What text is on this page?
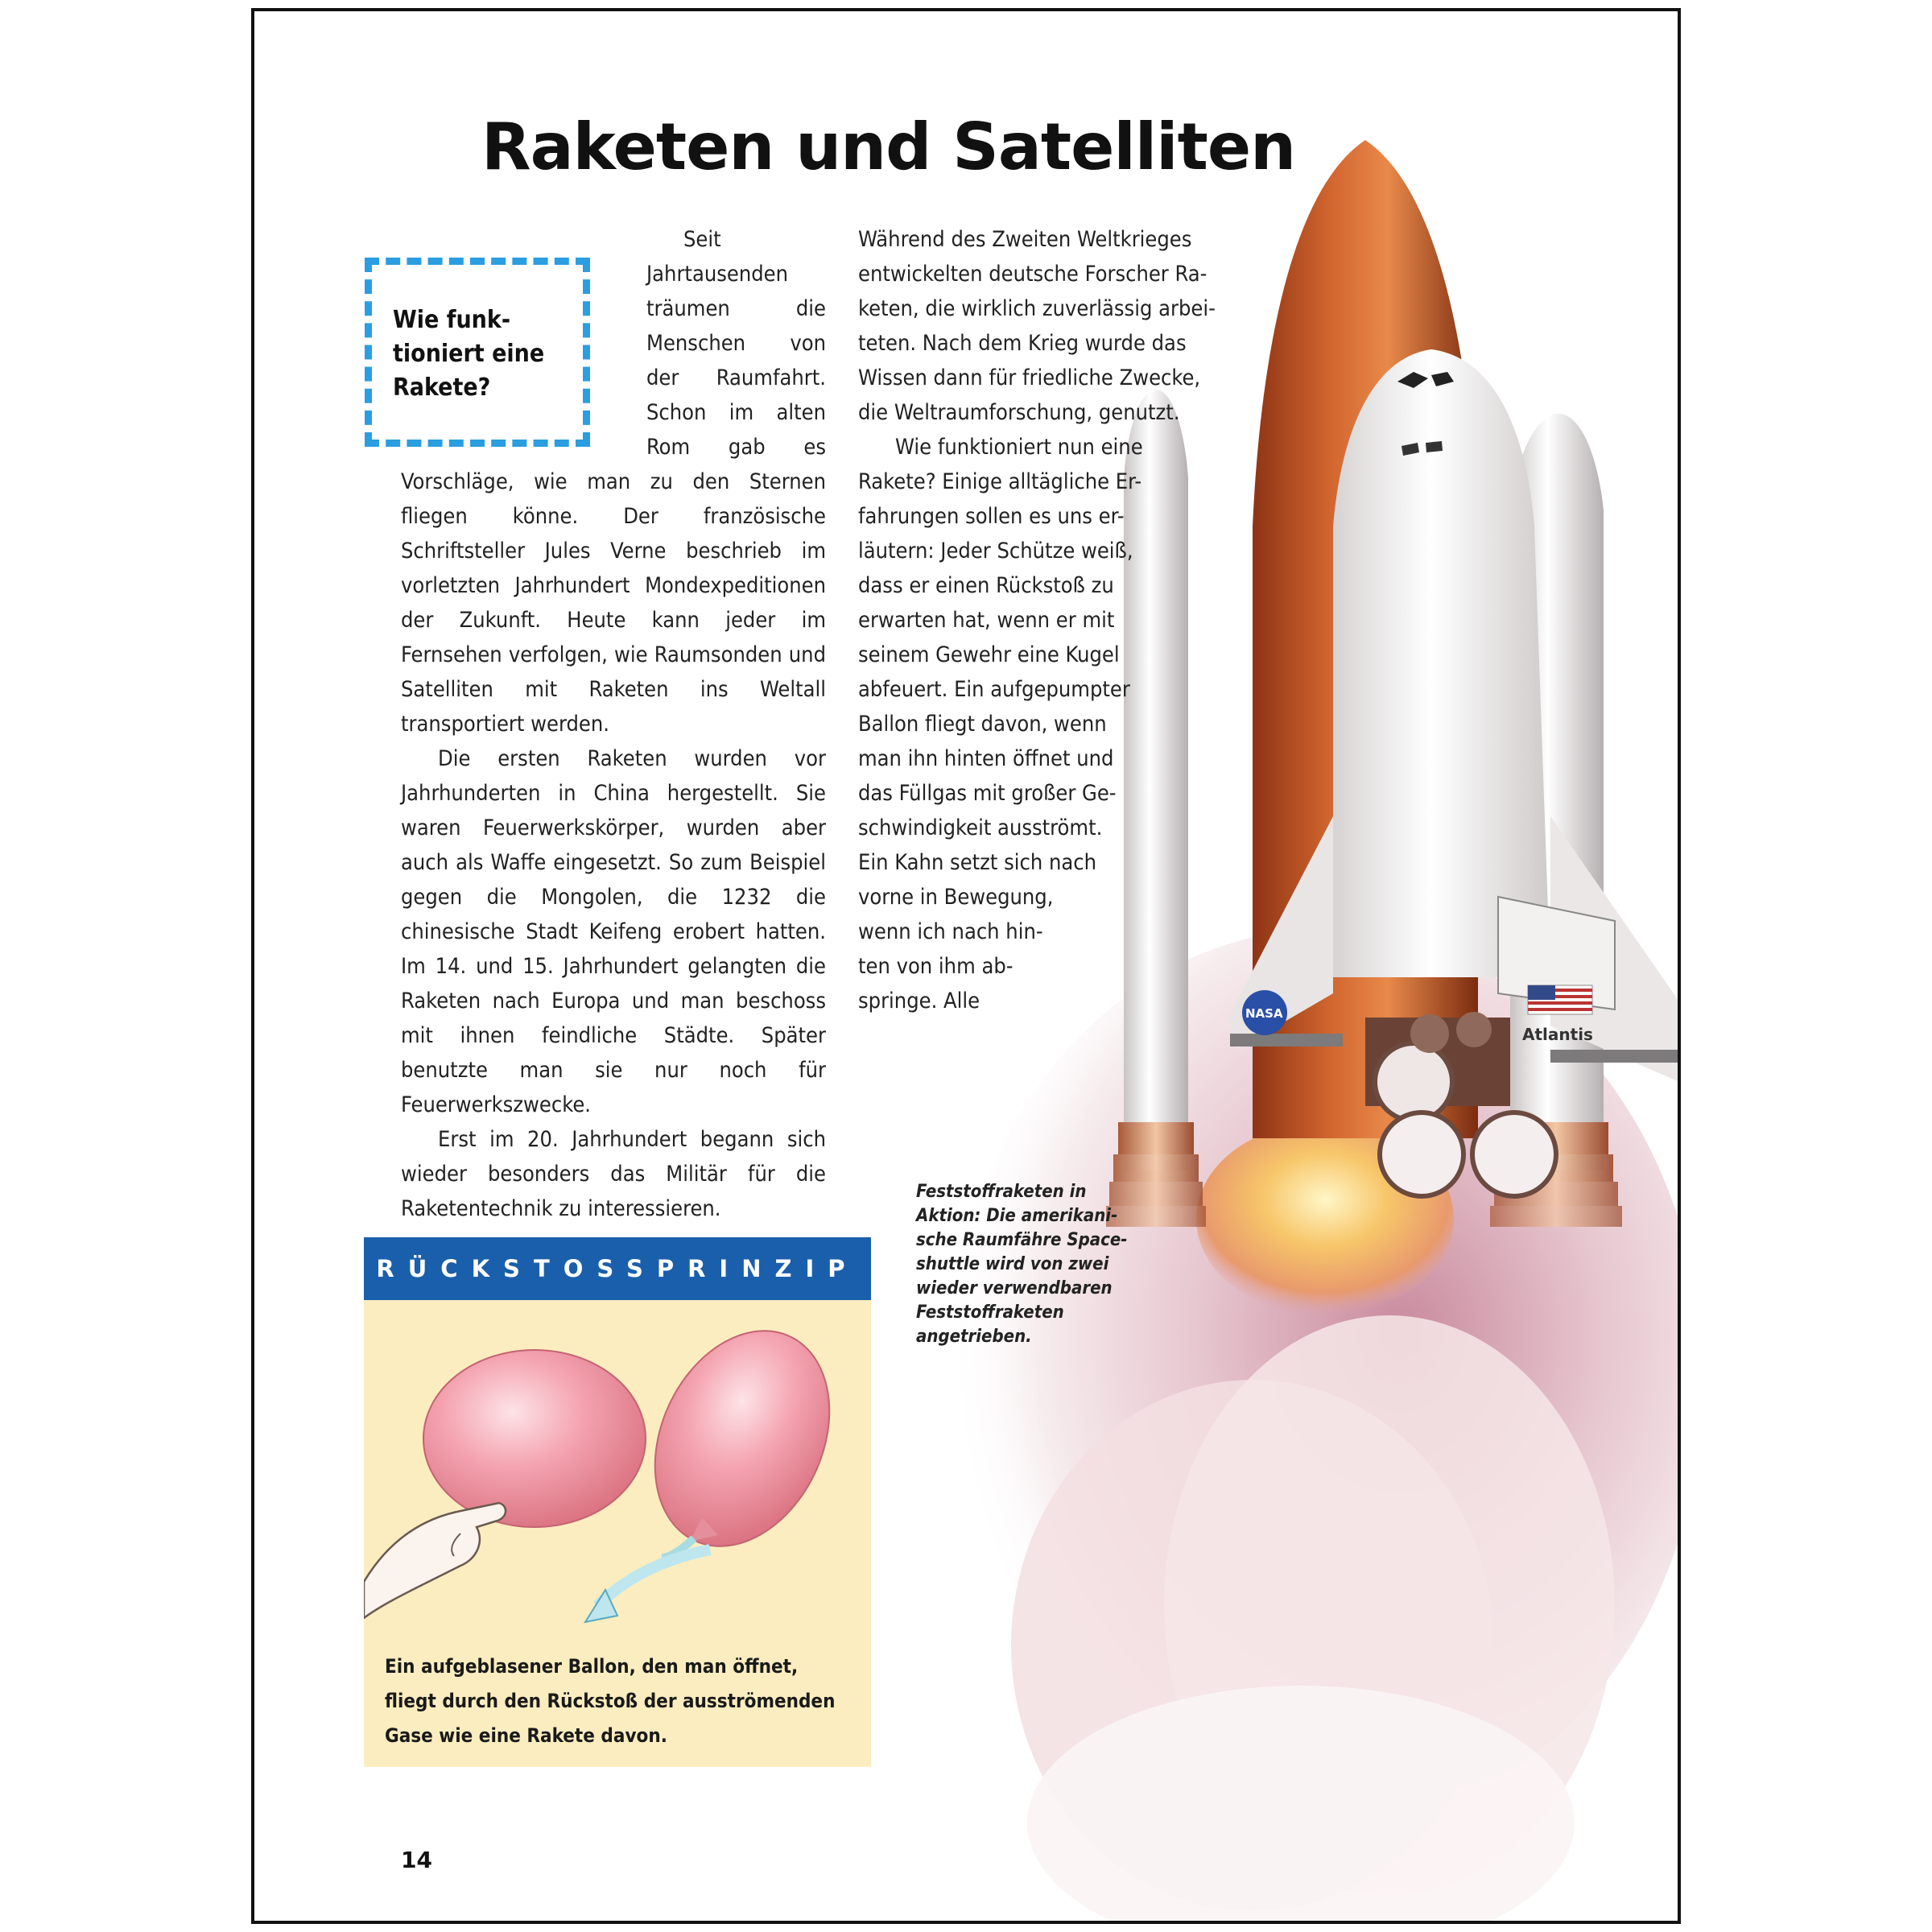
Atlantis
NASA
Raketen und Satelliten

Seit Jahrtausenden träumen die Menschen von der Raumfahrt. Schon im alten Rom gab es Vorschläge, wie man zu den Sternen fliegen könne. Der französische Schriftsteller Jules Verne beschrieb im vorletzten Jahrhundert Mondexpeditionen der Zukunft. Heute kann jeder im Fernsehen verfolgen, wie Raumsonden und Satelliten mit Raketen ins Weltall transportiert werden.

Die ersten Raketen wurden vor Jahrhunderten in China hergestellt. Sie waren Feuerwerkskörper, wurden aber auch als Waffe eingesetzt. So zum Beispiel gegen die Mongolen, die 1232 die chinesische Stadt Keifeng erobert hatten. Im 14. und 15. Jahrhundert gelangten die Raketen nach Europa und man beschoss mit ihnen feindliche Städte. Später benutzte man sie nur noch für Feuerwerkszwecke.

Erst im 20. Jahrhundert begann sich wieder besonders das Militär für die Raketentechnik zu interessieren.

Wie funk-
tioniert eine
Rakete?

Während des Zweiten Weltkrieges
entwickelten deutsche Forscher Ra-
keten, die wirklich zuverlässig arbei-
teten. Nach dem Krieg wurde das
Wissen dann für friedliche Zwecke,
die Weltraumforschung, genutzt.

Wie funktioniert nun eine
Rakete? Einige alltägliche Er-
fahrungen sollen es uns er-
läutern: Jeder Schütze weiß,
dass er einen Rückstoß zu
erwarten hat, wenn er mit
seinem Gewehr eine Kugel
abfeuert. Ein aufgepumpter
Ballon fliegt davon, wenn
man ihn hinten öffnet und
das Füllgas mit großer Ge-
schwindigkeit ausströmt.
Ein Kahn setzt sich nach
vorne in Bewegung,
wenn ich nach hin-
ten von ihm ab-
springe. Alle

RÜCKSTOSSPRINZIP

Ein aufgeblasener Ballon, den man öffnet, fliegt durch den Rückstoß der ausströmenden Gase wie eine Rakete davon.

Feststoffraketen in
Aktion: Die amerikani-
sche Raumfähre Space-
shuttle wird von zwei
wieder verwendbaren
Feststoffraketen
angetrieben.

14
